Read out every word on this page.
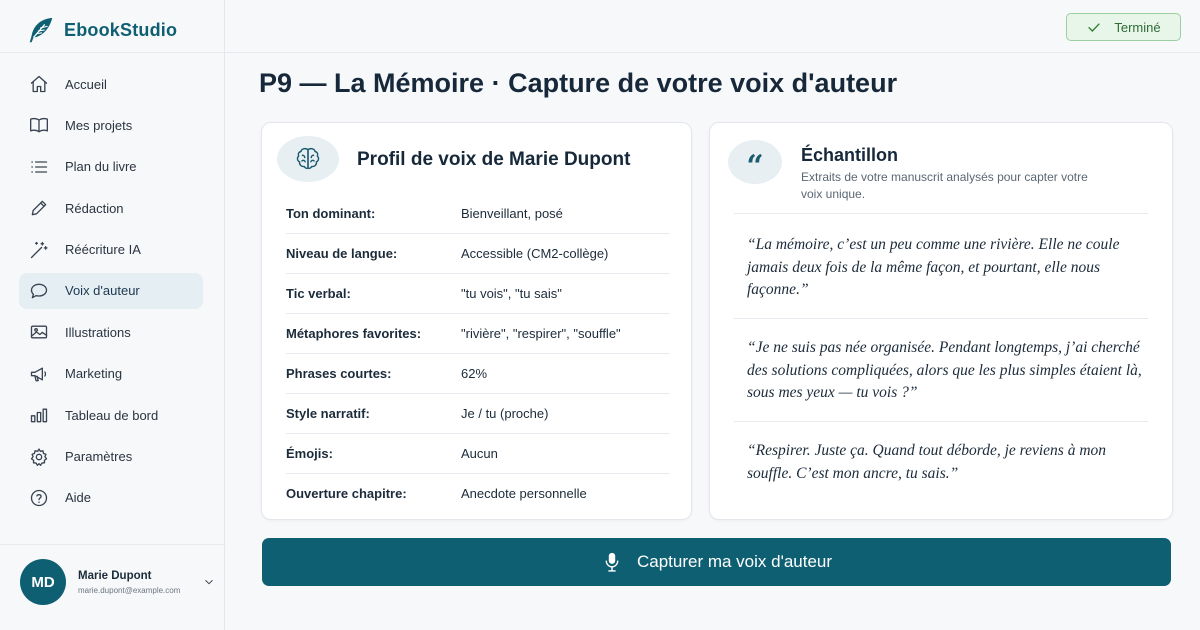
EbookStudio
Accueil
Mes projets
Plan du livre
Rédaction
Réécriture IA
Voix d'auteur
Illustrations
Marketing
Tableau de bord
Paramètres
Aide
MD	Marie Dupont
marie.dupont@example.com
Terminé
P9 — La Mémoire · Capture de votre voix d'auteur
Profil de voix de Marie Dupont
Ton dominant:	Bienveillant, posé
Niveau de langue:	Accessible (CM2-collège)
Tic verbal:	"tu vois", "tu sais"
Métaphores favorites:	"rivière", "respirer", "souffle"
Phrases courtes:	62%
Style narratif:	Je / tu (proche)
Émojis:	Aucun
Ouverture chapitre:	Anecdote personnelle
“	Échantillon

Extraits de votre manuscrit analysés pour capter votre voix unique.

“La mémoire, c’est un peu comme une rivière. Elle ne coule jamais deux fois de la même façon, et pourtant, elle nous façonne.”

“Je ne suis pas née organisée. Pendant longtemps, j’ai cherché des solutions compliquées, alors que les plus simples étaient là, sous mes yeux — tu vois ?”

“Respirer. Juste ça. Quand tout déborde, je reviens à mon souffle. C’est mon ancre, tu sais.”

Capturer ma voix d'auteur
